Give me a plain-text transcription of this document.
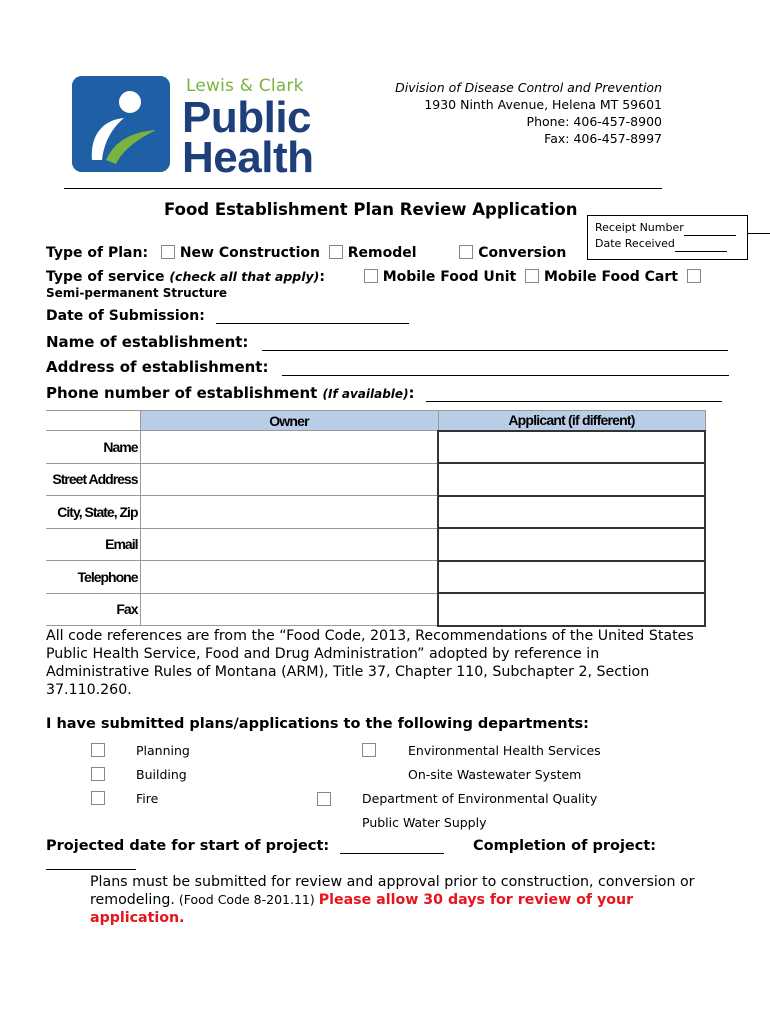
Lewis & Clark
Public
Health
Division of Disease Control and Prevention
1930 Ninth Avenue, Helena MT 59601
Phone: 406-457-8900
Fax: 406-457-8997
Food Establishment Plan Review Application
Receipt Number
Date Received
Type of Plan: New Construction Remodel	Conversion
Type of service (check all that apply):	Mobile Food Unit Mobile Food Cart
Semi-permanent Structure
Date of Submission:
Name of establishment:
Address of establishment:
Phone number of establishment (If available):
	Owner	Applicant (if different)
Name		
Street Address		
City, State, Zip		
Email		
Telephone		
Fax		
All code references are from the “Food Code, 2013, Recommendations of the United States Public Health Service, Food and Drug Administration” adopted by reference in Administrative Rules of Montana (ARM), Title 37, Chapter 110, Subchapter 2, Section 37.110.260.
I have submitted plans/applications to the following departments:
Planning
Building
Fire
Environmental Health Services
On-site Wastewater System
Department of Environmental Quality
Public Water Supply
Projected date for start of project:	Completion of project:
Plans must be submitted for review and approval prior to construction, conversion or remodeling. (Food Code 8-201.11) Please allow 30 days for review of your application.
